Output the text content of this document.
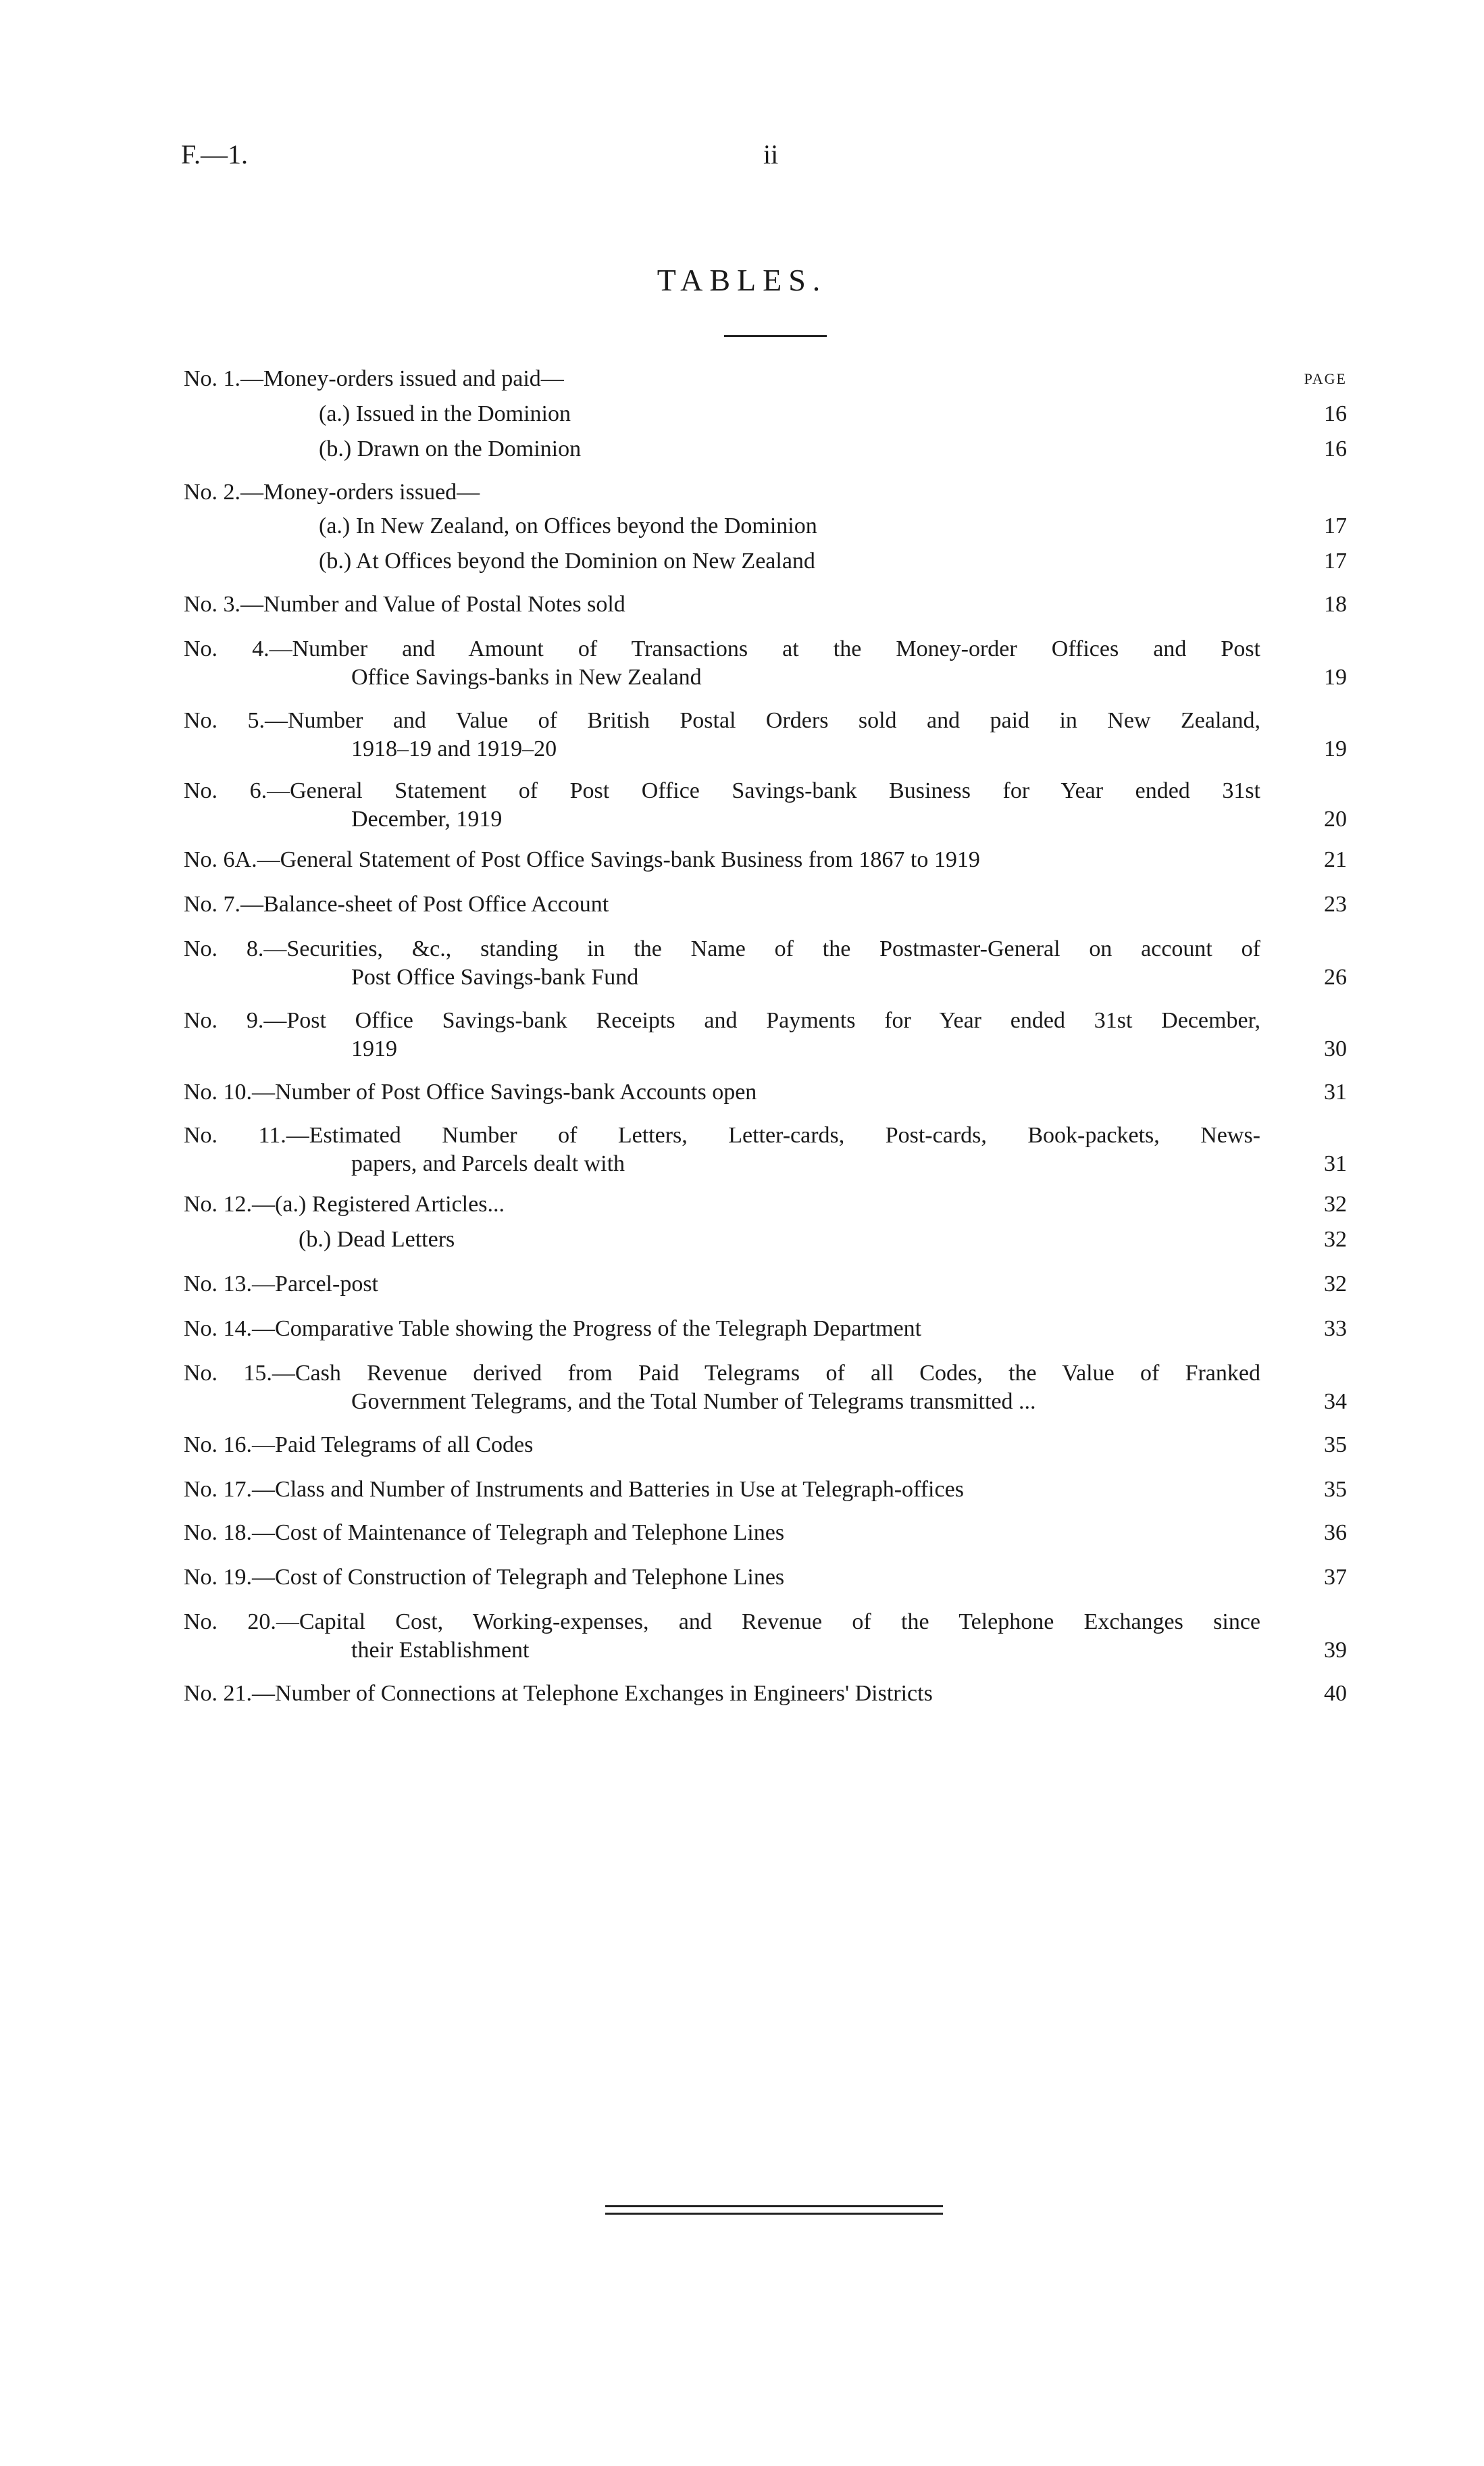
F.—1.	ii
TABLES.
PAGE
No. 1.—Money-orders issued and paid—
(a.) Issued in the Dominion	16
(b.) Drawn on the Dominion	16
No. 2.—Money-orders issued—
(a.) In New Zealand, on Offices beyond the Dominion	17
(b.) At Offices beyond the Dominion on New Zealand	17
No. 3.—Number and Value of Postal Notes sold	18
No. 4.—Number and Amount of Transactions at the Money-order Offices and Post
Office Savings-banks in New Zealand	19
No. 5.—Number and Value of British Postal Orders sold and paid in New Zealand,
1918–19 and 1919–20	19
No. 6.—General Statement of Post Office Savings-bank Business for Year ended 31st
December, 1919	20
No. 6A.—General Statement of Post Office Savings-bank Business from 1867 to 1919	21
No. 7.—Balance-sheet of Post Office Account	23
No. 8.—Securities, &c., standing in the Name of the Postmaster-General on account of
Post Office Savings-bank Fund	26
No. 9.—Post Office Savings-bank Receipts and Payments for Year ended 31st December,
1919	30
No. 10.—Number of Post Office Savings-bank Accounts open	31
No. 11.—Estimated Number of Letters, Letter-cards, Post-cards, Book-packets, News-
papers, and Parcels dealt with	31
No. 12.—(a.) Registered Articles...	32
(b.) Dead Letters	32
No. 13.—Parcel-post	32
No. 14.—Comparative Table showing the Progress of the Telegraph Department	33
No. 15.—Cash Revenue derived from Paid Telegrams of all Codes, the Value of Franked
Government Telegrams, and the Total Number of Telegrams transmitted ...	34
No. 16.—Paid Telegrams of all Codes	35
No. 17.—Class and Number of Instruments and Batteries in Use at Telegraph-offices	35
No. 18.—Cost of Maintenance of Telegraph and Telephone Lines	36
No. 19.—Cost of Construction of Telegraph and Telephone Lines	37
No. 20.—Capital Cost, Working-expenses, and Revenue of the Telephone Exchanges since
their Establishment	39
No. 21.—Number of Connections at Telephone Exchanges in Engineers' Districts	40
